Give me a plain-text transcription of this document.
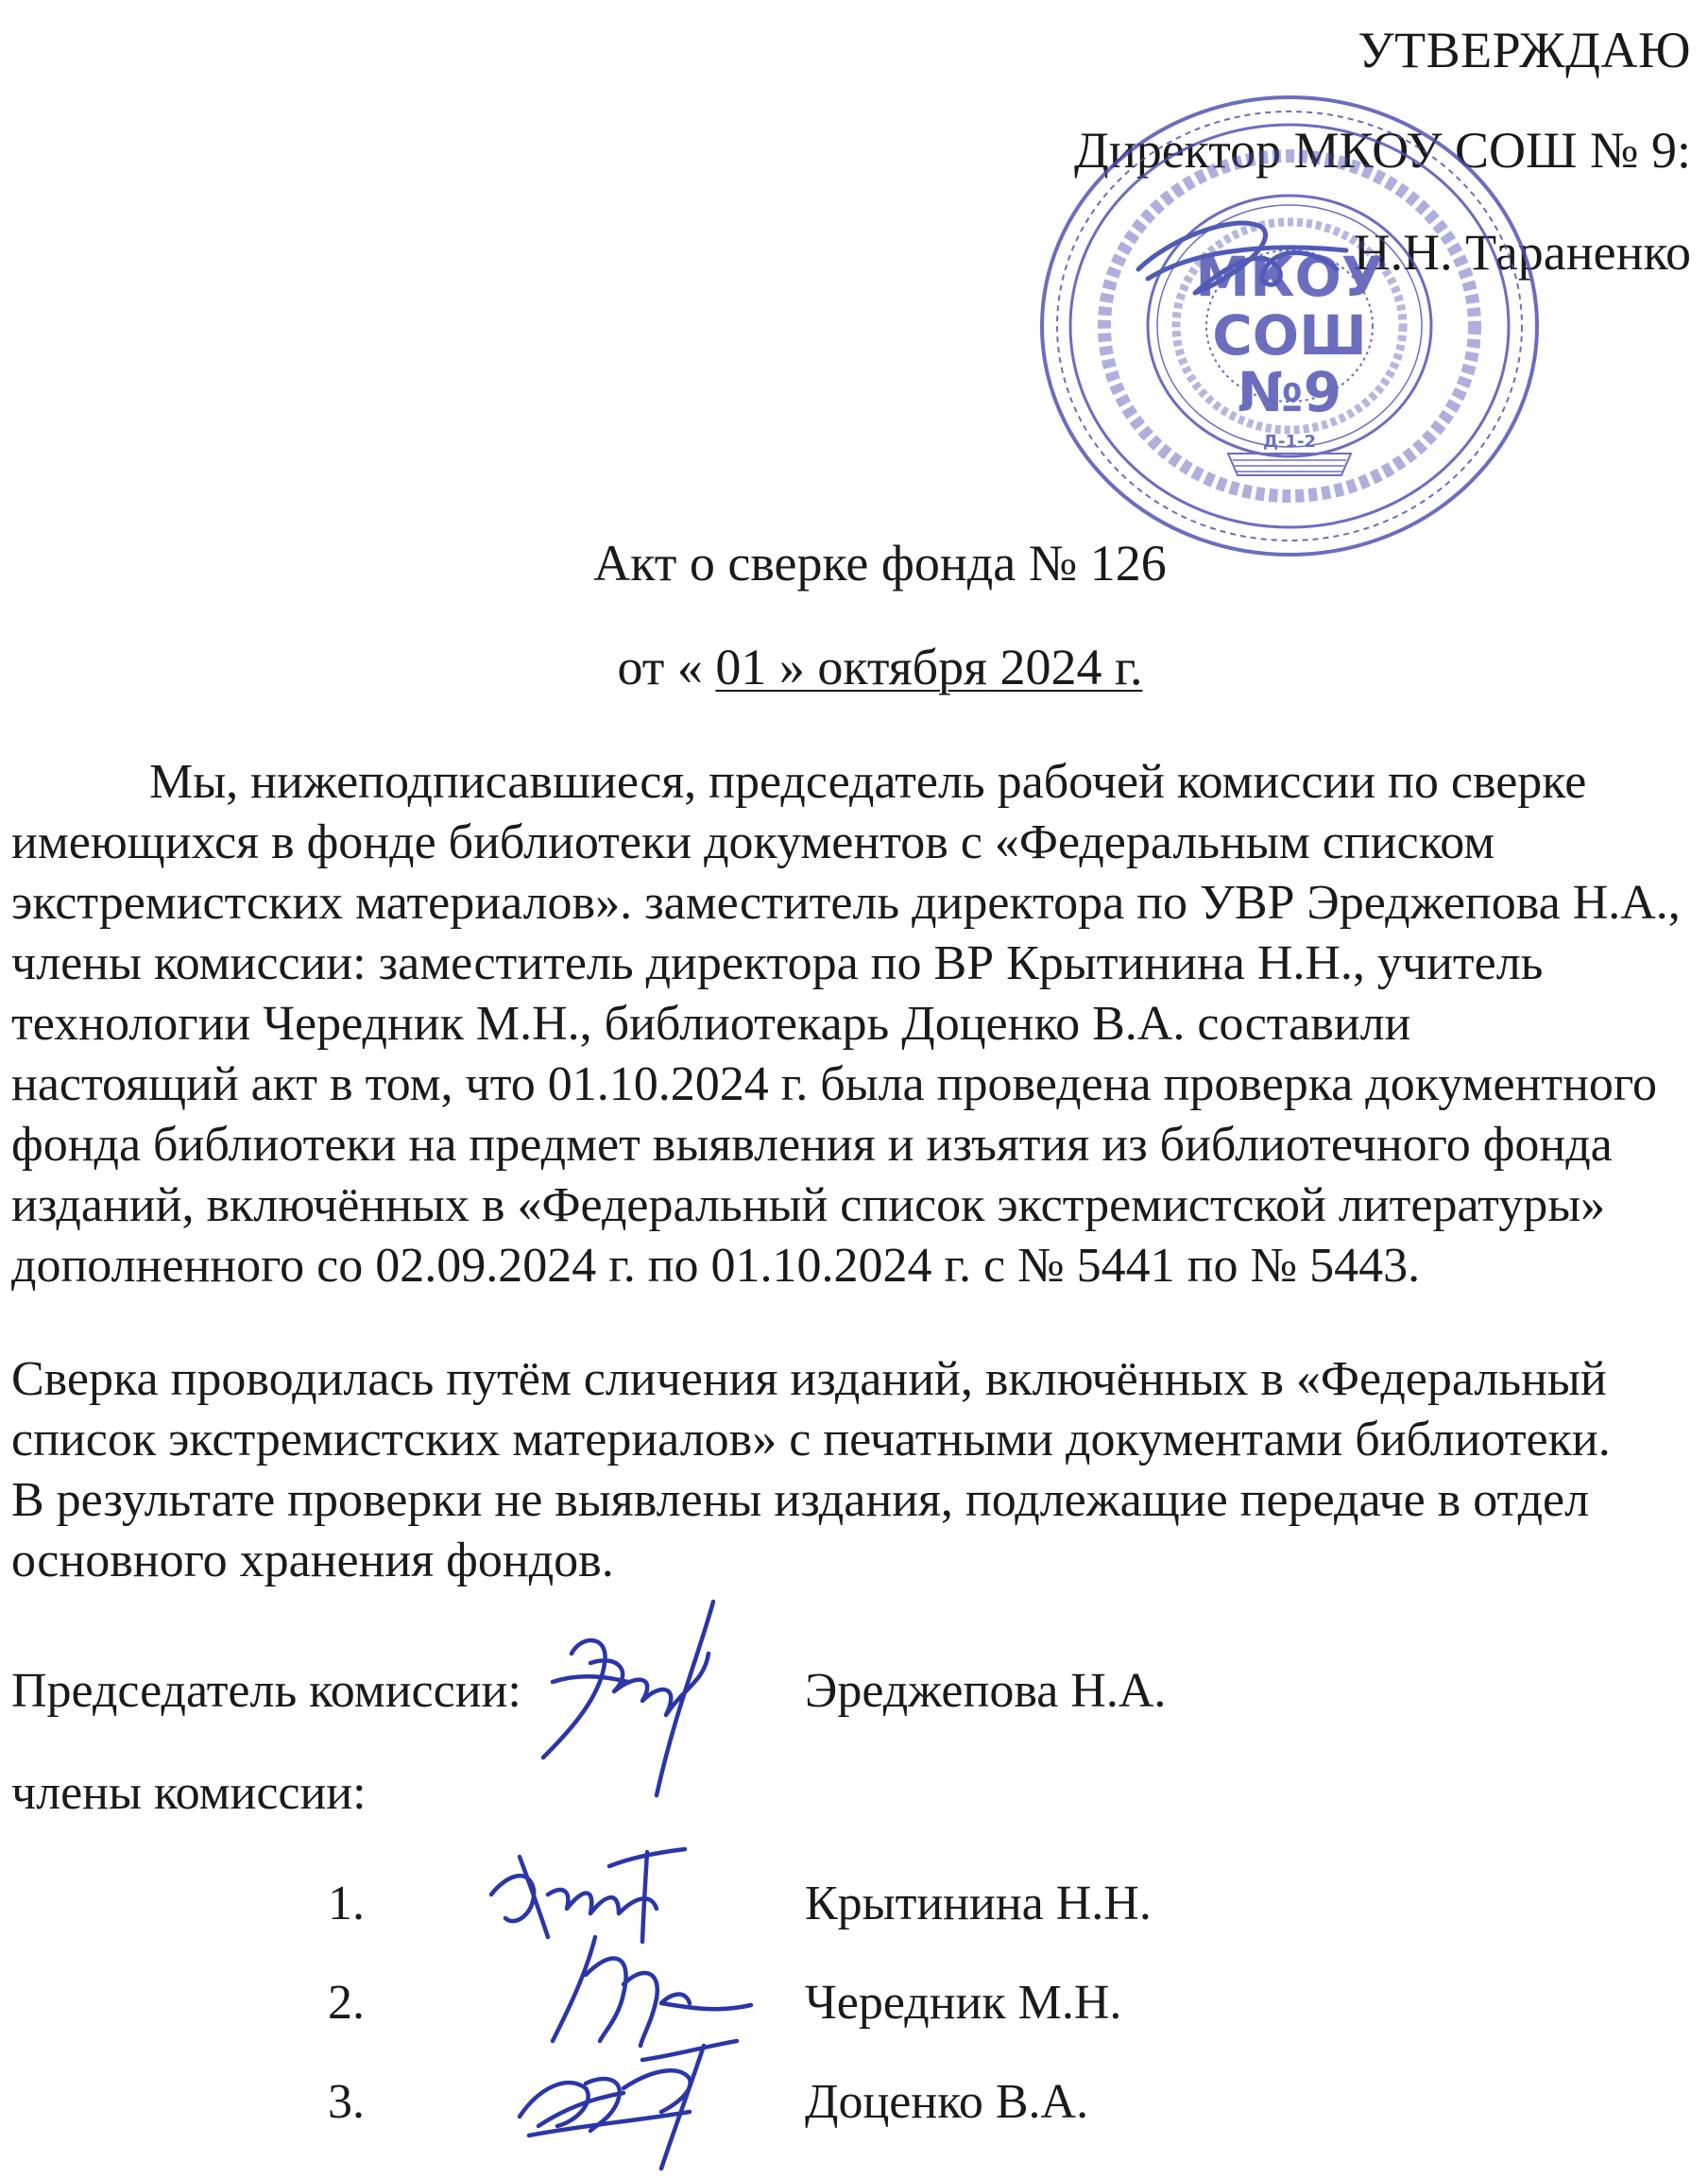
УТВЕРЖДАЮ
Директор МКОУ СОШ № 9:
Н.Н. Тараненко
МКОУ
СОШ
№9
Д-1-2
Акт о сверке фонда № 126
от « 01 » октября 2024 г.
Мы, нижеподписавшиеся, председатель рабочей комиссии по сверке
имеющихся в фонде библиотеки документов с «Федеральным списком
экстремистских материалов». заместитель директора по УВР Эреджепова Н.А.,
члены комиссии: заместитель директора по ВР Крытинина Н.Н., учитель
технологии Чередник М.Н., библиотекарь Доценко В.А. составили
настоящий акт в том, что 01.10.2024 г. была проведена проверка документного
фонда библиотеки на предмет выявления и изъятия из библиотечного фонда
изданий, включённых в «Федеральный список экстремистской литературы»
дополненного со 02.09.2024 г. по 01.10.2024 г. с № 5441 по № 5443.
Сверка проводилась путём сличения изданий, включённых в «Федеральный
список экстремистских материалов» с печатными документами библиотеки.
В результате проверки не выявлены издания, подлежащие передаче в отдел
основного хранения фондов.
Председатель комиссии:	Эреджепова Н.А.
члены комиссии:
1.	Крытинина Н.Н.
2.	Чередник М.Н.
3.	Доценко В.А.
